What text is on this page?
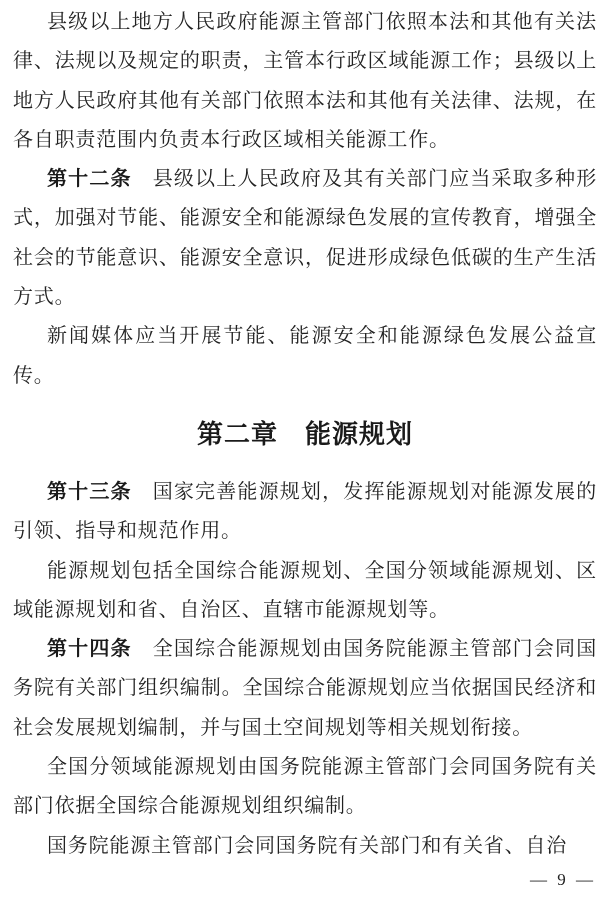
县级以上地方人民政府能源主管部门依照本法和其他有关法律、法规以及规定的职责，主管本行政区域能源工作；县级以上地方人民政府其他有关部门依照本法和其他有关法律、法规，在各自职责范围内负责本行政区域相关能源工作。

第十二条 县级以上人民政府及其有关部门应当采取多种形式，加强对节能、能源安全和能源绿色发展的宣传教育，增强全社会的节能意识、能源安全意识，促进形成绿色低碳的生产生活方式。

新闻媒体应当开展节能、能源安全和能源绿色发展公益宣传。

第二章　能源规划

第十三条 国家完善能源规划，发挥能源规划对能源发展的引领、指导和规范作用。

能源规划包括全国综合能源规划、全国分领域能源规划、区域能源规划和省、自治区、直辖市能源规划等。

第十四条 全国综合能源规划由国务院能源主管部门会同国务院有关部门组织编制。全国综合能源规划应当依据国民经济和社会发展规划编制，并与国土空间规划等相关规划衔接。

全国分领域能源规划由国务院能源主管部门会同国务院有关部门依据全国综合能源规划组织编制。

国务院能源主管部门会同国务院有关部门和有关省、自治

— 9 —
